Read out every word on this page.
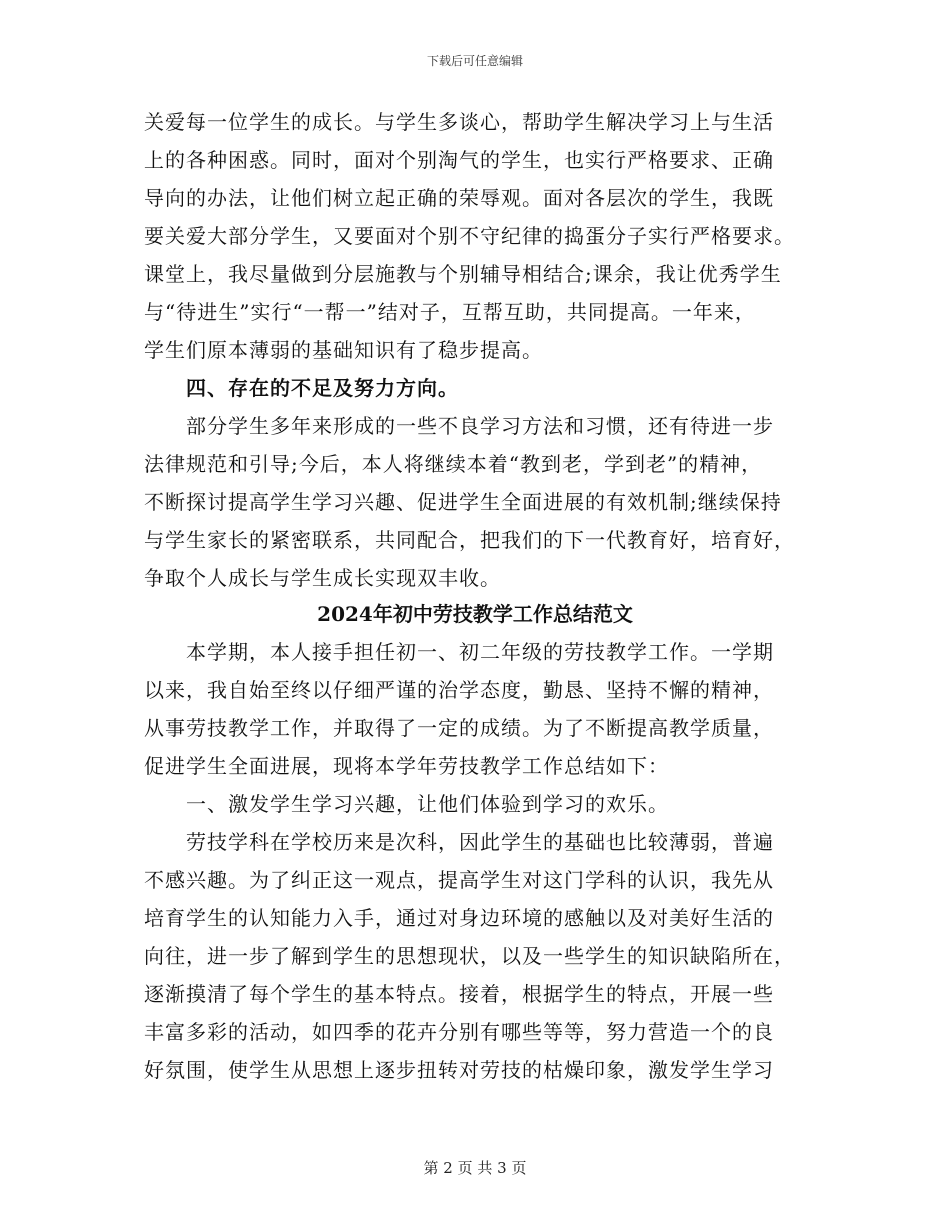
下载后可任意编辑
关爱每一位学生的成长。与学生多谈心，帮助学生解决学习上与生活
上的各种困惑。同时，面对个别淘气的学生，也实行严格要求、正确
导向的办法，让他们树立起正确的荣辱观。面对各层次的学生，我既
要关爱大部分学生，又要面对个别不守纪律的捣蛋分子实行严格要求。
课堂上，我尽量做到分层施教与个别辅导相结合;课余，我让优秀学生
与“待进生”实行“一帮一”结对子，互帮互助，共同提高。一年来，
学生们原本薄弱的基础知识有了稳步提高。
四、存在的不足及努力方向。
部分学生多年来形成的一些不良学习方法和习惯，还有待进一步
法律规范和引导;今后，本人将继续本着“教到老，学到老”的精神，
不断探讨提高学生学习兴趣、促进学生全面进展的有效机制;继续保持
与学生家长的紧密联系，共同配合，把我们的下一代教育好，培育好，
争取个人成长与学生成长实现双丰收。
2024年初中劳技教学工作总结范文
本学期，本人接手担任初一、初二年级的劳技教学工作。一学期
以来，我自始至终以仔细严谨的治学态度，勤恳、坚持不懈的精神，
从事劳技教学工作，并取得了一定的成绩。为了不断提高教学质量，
促进学生全面进展，现将本学年劳技教学工作总结如下：
一、激发学生学习兴趣，让他们体验到学习的欢乐。
劳技学科在学校历来是次科，因此学生的基础也比较薄弱，普遍
不感兴趣。为了纠正这一观点，提高学生对这门学科的认识，我先从
培育学生的认知能力入手，通过对身边环境的感触以及对美好生活的
向往，进一步了解到学生的思想现状，以及一些学生的知识缺陷所在，
逐渐摸清了每个学生的基本特点。接着，根据学生的特点，开展一些
丰富多彩的活动，如四季的花卉分别有哪些等等，努力营造一个的良
好氛围，使学生从思想上逐步扭转对劳技的枯燥印象，激发学生学习
第 2 页 共 3 页
